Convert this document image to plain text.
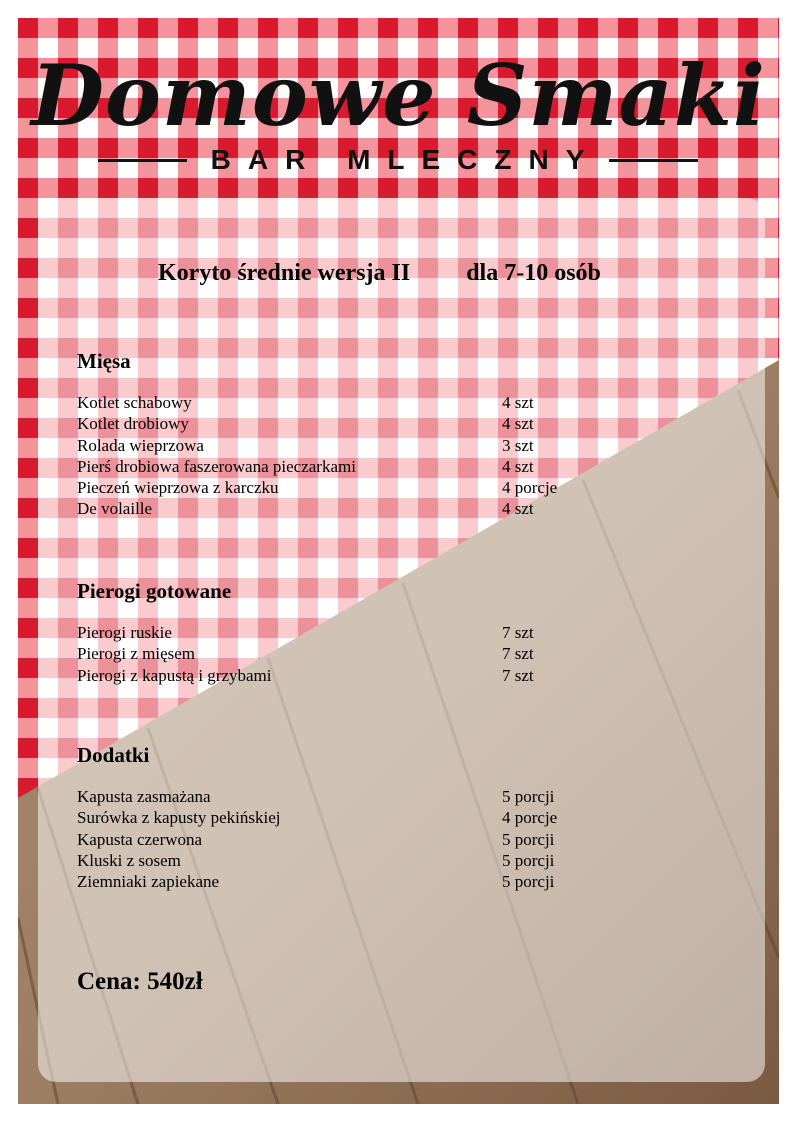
Domowe Smaki
BAR MLECZNY
Koryto średnie wersja II dla 7-10 osób
Mięsa
Kotlet schabowy	4 szt
Kotlet drobiowy	4 szt
Rolada wieprzowa	3 szt
Pierś drobiowa faszerowana pieczarkami	4 szt
Pieczeń wieprzowa z karczku	4 porcje
De volaille	4 szt
Pierogi gotowane
Pierogi ruskie	7 szt
Pierogi z mięsem	7 szt
Pierogi z kapustą i grzybami	7 szt
Dodatki
Kapusta zasmażana	5 porcji
Surówka z kapusty pekińskiej	4 porcje
Kapusta czerwona	5 porcji
Kluski z sosem	5 porcji
Ziemniaki zapiekane	5 porcji
Cena: 540zł
